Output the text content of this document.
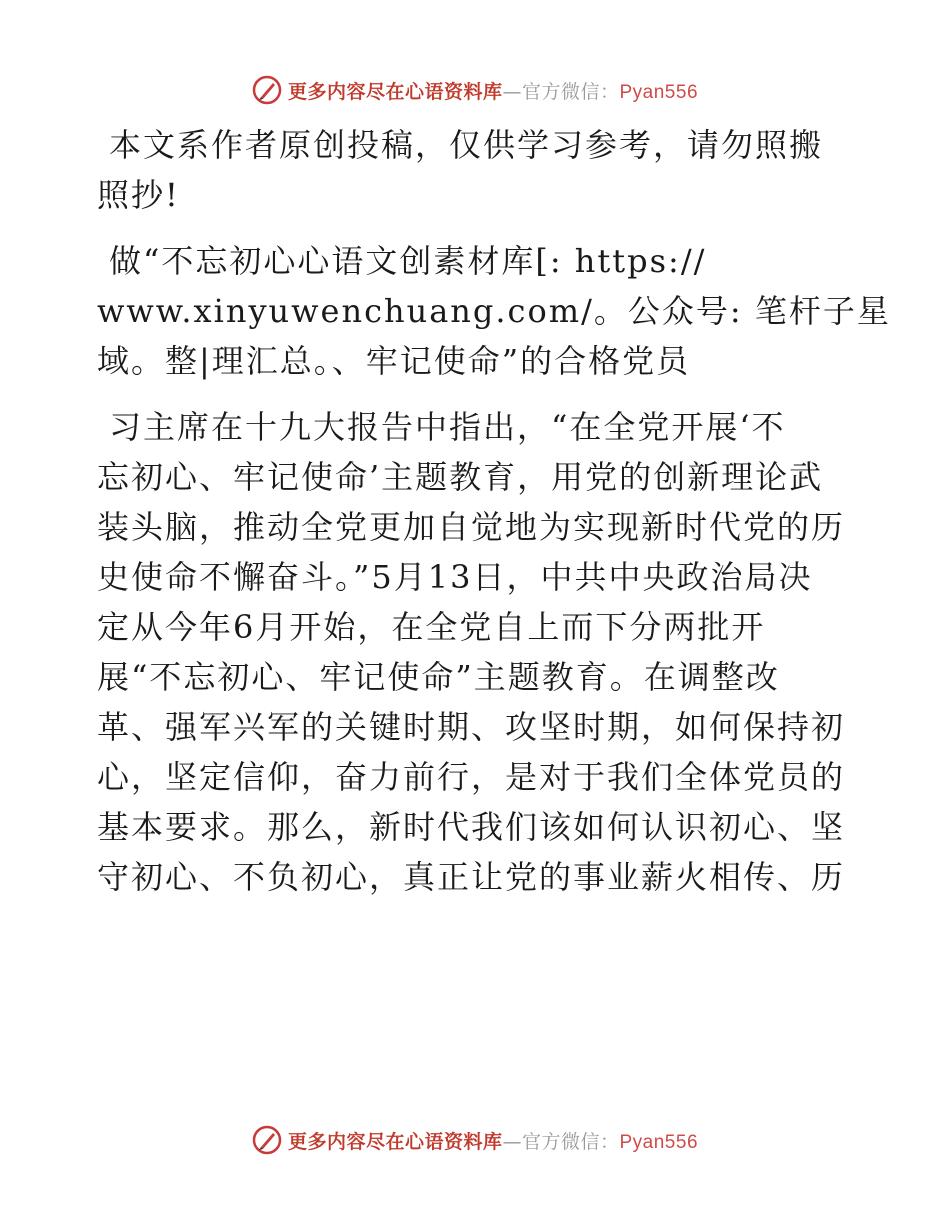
更多内容尽在心语资料库—官方微信：Pyan556

本文系作者原创投稿，仅供学习参考，请勿照搬
照抄!

做“不忘初心心语文创素材库[: https://
www.xinyuwenchuang.com/。公众号: 笔杆子星
域。整|理汇总。、牢记使命”的合格党员

习主席在十九大报告中指出，“在全党开展‘不
忘初心、牢记使命’主题教育，用党的创新理论武
装头脑，推动全党更加自觉地为实现新时代党的历
史使命不懈奋斗。”5月13日，中共中央政治局决
定从今年6月开始，在全党自上而下分两批开
展“不忘初心、牢记使命”主题教育。在调整改
革、强军兴军的关键时期、攻坚时期，如何保持初
心，坚定信仰，奋力前行，是对于我们全体党员的
基本要求。那么，新时代我们该如何认识初心、坚
守初心、不负初心，真正让党的事业薪火相传、历

更多内容尽在心语资料库—官方微信：Pyan556
